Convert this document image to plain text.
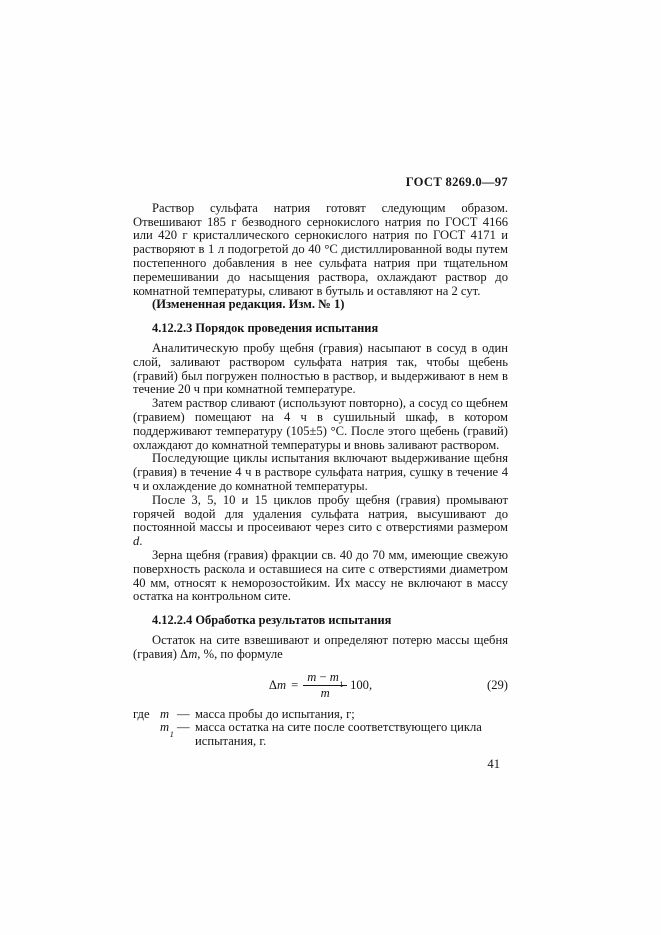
ГОСТ 8269.0—97

Раствор сульфата натрия готовят следующим образом. Отвешивают 185 г безводного сернокислого натрия по ГОСТ 4166 или 420 г кристаллического сернокислого натрия по ГОСТ 4171 и растворяют в 1 л подогретой до 40 °С дистиллированной воды путем постепенного добавления в нее сульфата натрия при тщательном перемешивании до насыщения раствора, охлаждают раствор до комнатной температуры, сливают в бутыль и оставляют на 2 сут.

(Измененная редакция. Изм. № 1)

4.12.2.3 Порядок проведения испытания

Аналитическую пробу щебня (гравия) насыпают в сосуд в один слой, заливают раствором сульфата натрия так, чтобы щебень (гравий) был погружен полностью в раствор, и выдерживают в нем в течение 20 ч при комнатной температуре.

Затем раствор сливают (используют повторно), а сосуд со щебнем (гравием) помещают на 4 ч в сушильный шкаф, в котором поддерживают температуру (105±5) °С. После этого щебень (гравий) охлаждают до комнатной температуры и вновь заливают раствором.

Последующие циклы испытания включают выдерживание щебня (гравия) в течение 4 ч в растворе сульфата натрия, сушку в течение 4 ч и охлаждение до комнатной температуры.

После 3, 5, 10 и 15 циклов пробу щебня (гравия) промывают горячей водой для удаления сульфата натрия, высушивают до постоянной массы и просеивают через сито с отверстиями размером d.

Зерна щебня (гравия) фракции св. 40 до 70 мм, имеющие свежую поверхность раскола и оставшиеся на сите с отверстиями диаметром 40 мм, относят к неморозостойким. Их массу не включают в массу остатка на контрольном сите.

4.12.2.4 Обработка результатов испытания

Остаток на сите взвешивают и определяют потерю массы щебня (гравия) Δm, %, по формуле

$\Delta m = \frac{m - m_1}{m} 100$,	(29)
где m — масса пробы до испытания, г;
$m_1$ — масса остатка на сите после соответствующего цикла испытания, г.
41
